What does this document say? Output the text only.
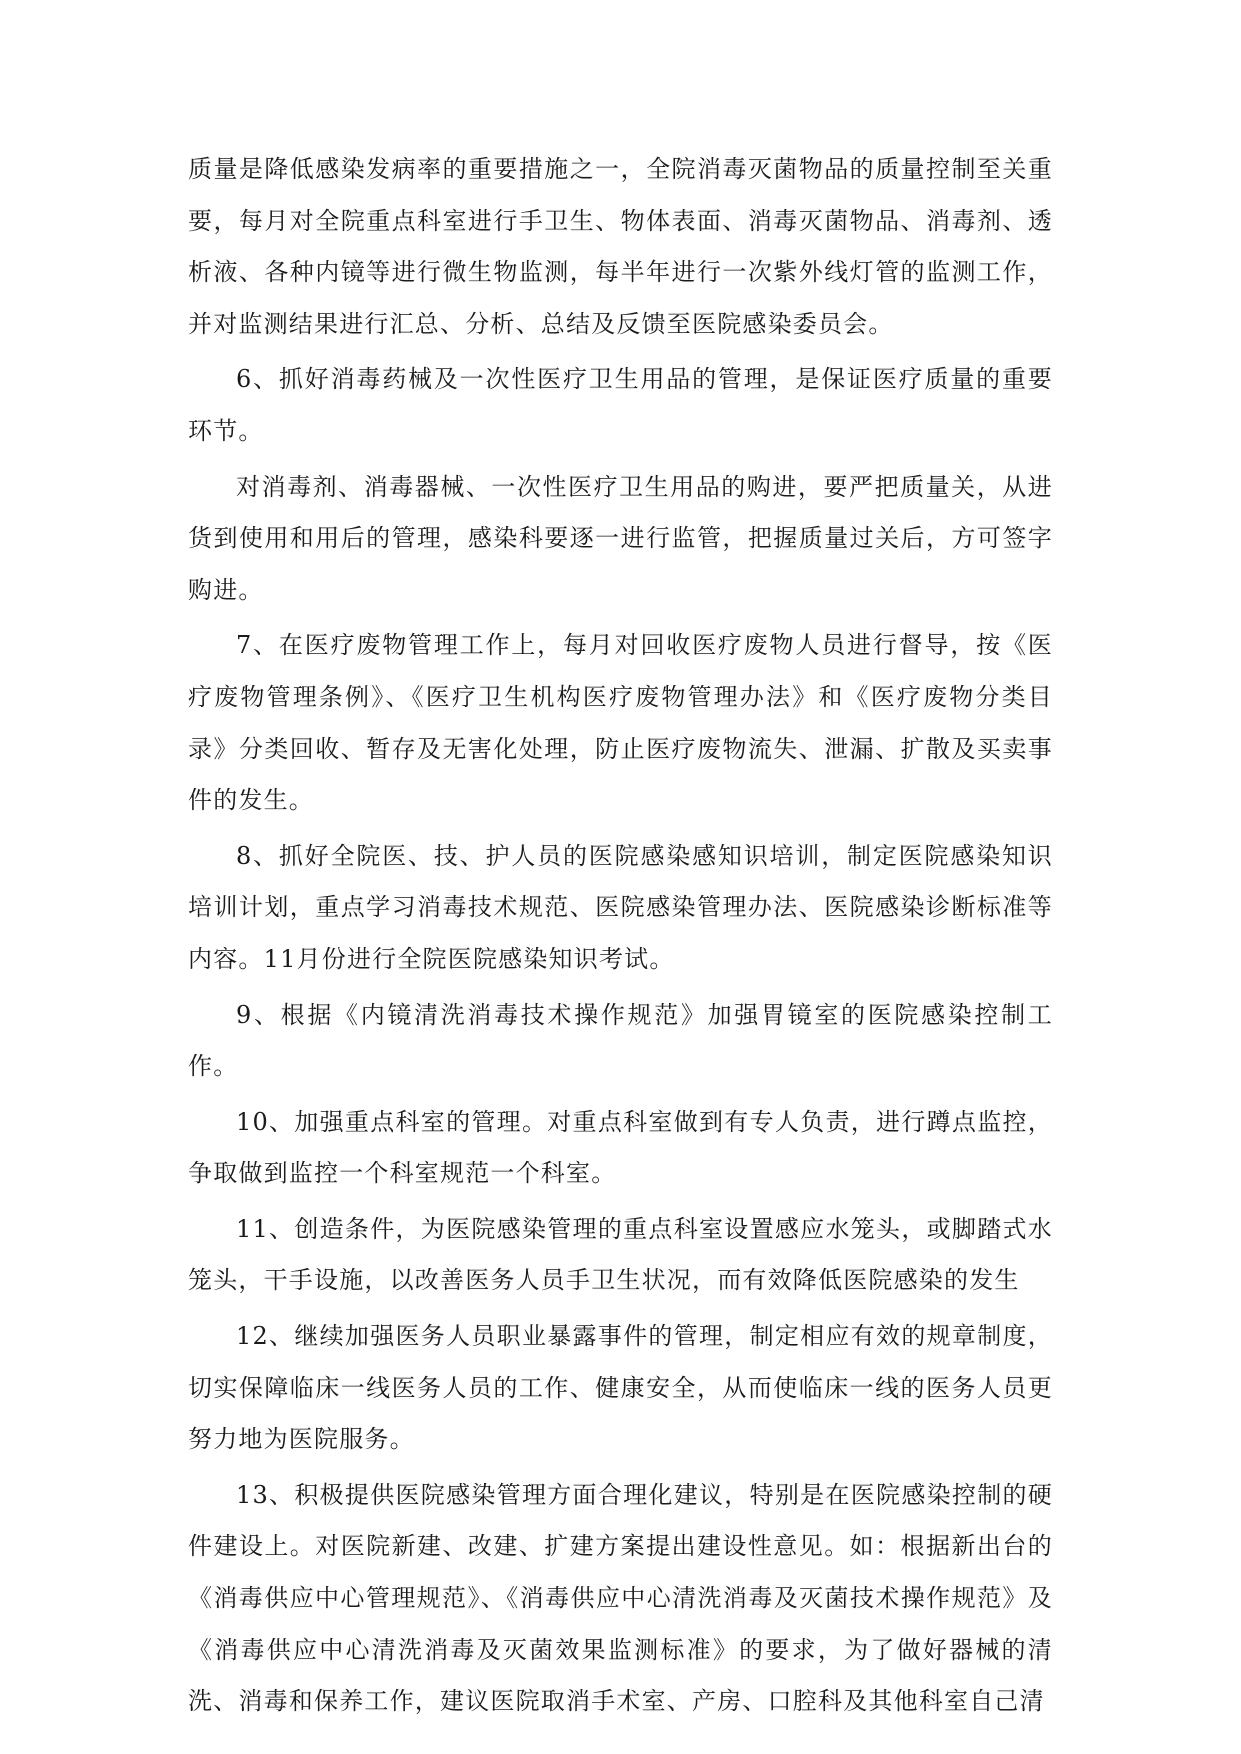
质量是降低感染发病率的重要措施之一，全院消毒灭菌物品的质量控制至关重要，每月对全院重点科室进行手卫生、物体表面、消毒灭菌物品、消毒剂、透析液、各种内镜等进行微生物监测，每半年进行一次紫外线灯管的监测工作，并对监测结果进行汇总、分析、总结及反馈至医院感染委员会。

6、抓好消毒药械及一次性医疗卫生用品的管理，是保证医疗质量的重要环节。

对消毒剂、消毒器械、一次性医疗卫生用品的购进，要严把质量关，从进货到使用和用后的管理，感染科要逐一进行监管，把握质量过关后，方可签字购进。

7、在医疗废物管理工作上，每月对回收医疗废物人员进行督导，按《医疗废物管理条例》、《医疗卫生机构医疗废物管理办法》和《医疗废物分类目录》分类回收、暂存及无害化处理，防止医疗废物流失、泄漏、扩散及买卖事件的发生。

8、抓好全院医、技、护人员的医院感染感知识培训，制定医院感染知识培训计划，重点学习消毒技术规范、医院感染管理办法、医院感染诊断标准等内容。11月份进行全院医院感染知识考试。

9、根据《内镜清洗消毒技术操作规范》加强胃镜室的医院感染控制工作。

10、加强重点科室的管理。对重点科室做到有专人负责，进行蹲点监控，争取做到监控一个科室规范一个科室。

11、创造条件，为医院感染管理的重点科室设置感应水笼头，或脚踏式水笼头，干手设施，以改善医务人员手卫生状况，而有效降低医院感染的发生

12、继续加强医务人员职业暴露事件的管理，制定相应有效的规章制度，切实保障临床一线医务人员的工作、健康安全，从而使临床一线的医务人员更努力地为医院服务。

13、积极提供医院感染管理方面合理化建议，特别是在医院感染控制的硬件建设上。对医院新建、改建、扩建方案提出建设性意见。如：根据新出台的《消毒供应中心管理规范》、《消毒供应中心清洗消毒及灭菌技术操作规范》及《消毒供应中心清洗消毒及灭菌效果监测标准》的要求，为了做好器械的清洗、消毒和保养工作，建议医院取消手术室、产房、口腔科及其他科室自己清
